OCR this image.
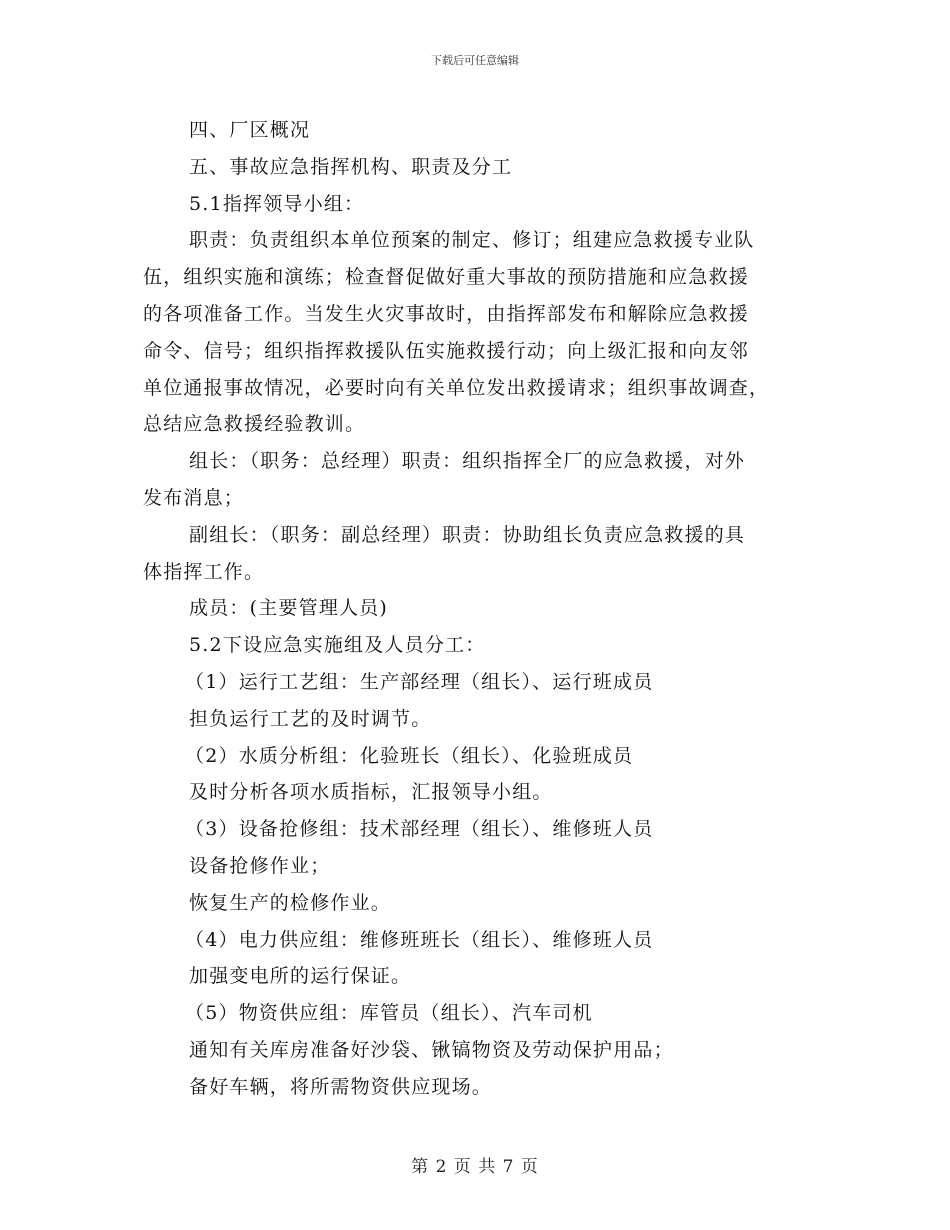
下载后可任意编辑

四、厂区概况

五、事故应急指挥机构、职责及分工

5.1指挥领导小组：

职责：负责组织本单位预案的制定、修订；组建应急救援专业队

伍，组织实施和演练；检查督促做好重大事故的预防措施和应急救援

的各项准备工作。当发生火灾事故时，由指挥部发布和解除应急救援

命令、信号；组织指挥救援队伍实施救援行动；向上级汇报和向友邻

单位通报事故情况，必要时向有关单位发出救援请求；组织事故调查，

总结应急救援经验教训。

组长：（职务：总经理）职责：组织指挥全厂的应急救援，对外

发布消息；

副组长：（职务：副总经理）职责：协助组长负责应急救援的具

体指挥工作。

成员：(主要管理人员)

5.2下设应急实施组及人员分工：

（1）运行工艺组：生产部经理（组长）、运行班成员

担负运行工艺的及时调节。

（2）水质分析组：化验班长（组长）、化验班成员

及时分析各项水质指标，汇报领导小组。

（3）设备抢修组：技术部经理（组长）、维修班人员

设备抢修作业；

恢复生产的检修作业。

（4）电力供应组：维修班班长（组长）、维修班人员

加强变电所的运行保证。

（5）物资供应组：库管员（组长）、汽车司机

通知有关库房准备好沙袋、锹镐物资及劳动保护用品；

备好车辆，将所需物资供应现场。

第 2 页 共 7 页
